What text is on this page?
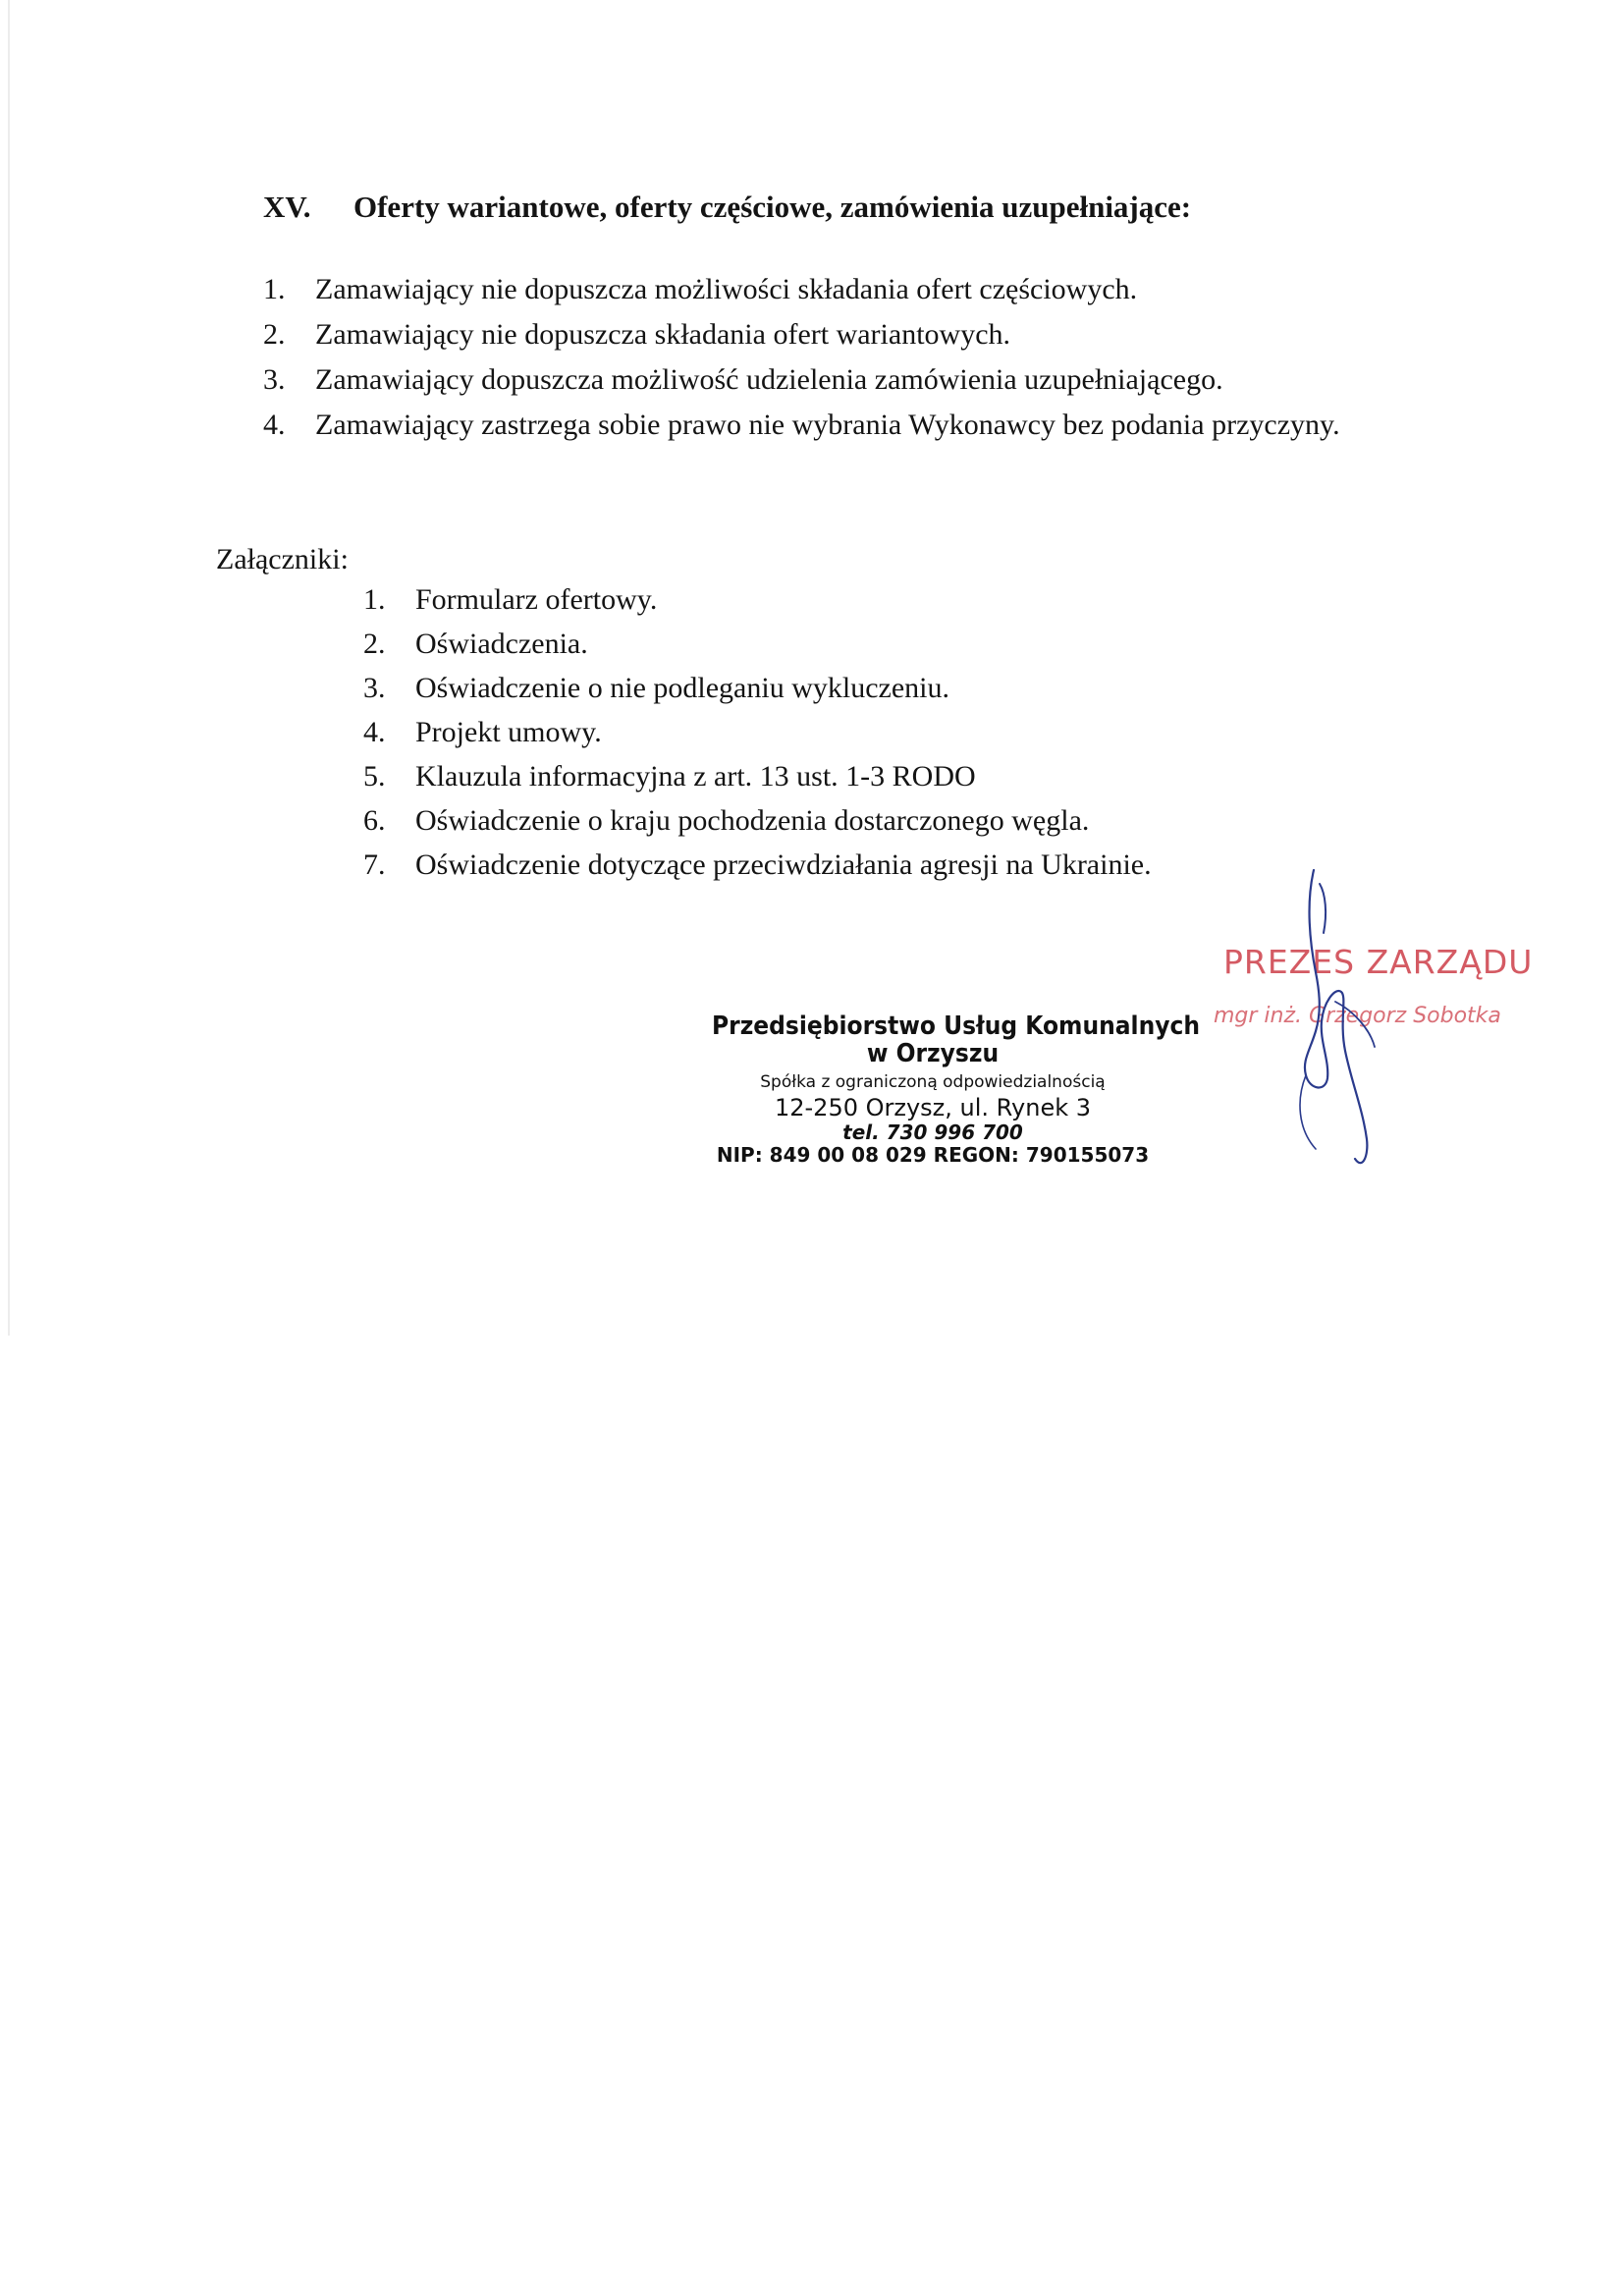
XV. Oferty wariantowe, oferty częściowe, zamówienia uzupełniające:
1.	Zamawiający nie dopuszcza możliwości składania ofert częściowych.
2.	Zamawiający nie dopuszcza składania ofert wariantowych.
3.	Zamawiający dopuszcza możliwość udzielenia zamówienia uzupełniającego.
4.	Zamawiający zastrzega sobie prawo nie wybrania Wykonawcy bez podania przyczyny.
Załączniki:
1.	Formularz ofertowy.
2.	Oświadczenia.
3.	Oświadczenie o nie podleganiu wykluczeniu.
4.	Projekt umowy.
5.	Klauzula informacyjna z art. 13 ust. 1-3 RODO
6.	Oświadczenie o kraju pochodzenia dostarczonego węgla.
7.	Oświadczenie dotyczące przeciwdziałania agresji na Ukrainie.
Przedsiębiorstwo Usług Komunalnych
w Orzyszu
Spółka z ograniczoną odpowiedzialnością
12-250 Orzysz, ul. Rynek 3
tel. 730 996 700
NIP: 849 00 08 029 REGON: 790155073
PREZES ZARZĄDU
mgr inż. Grzegorz Sobotka
